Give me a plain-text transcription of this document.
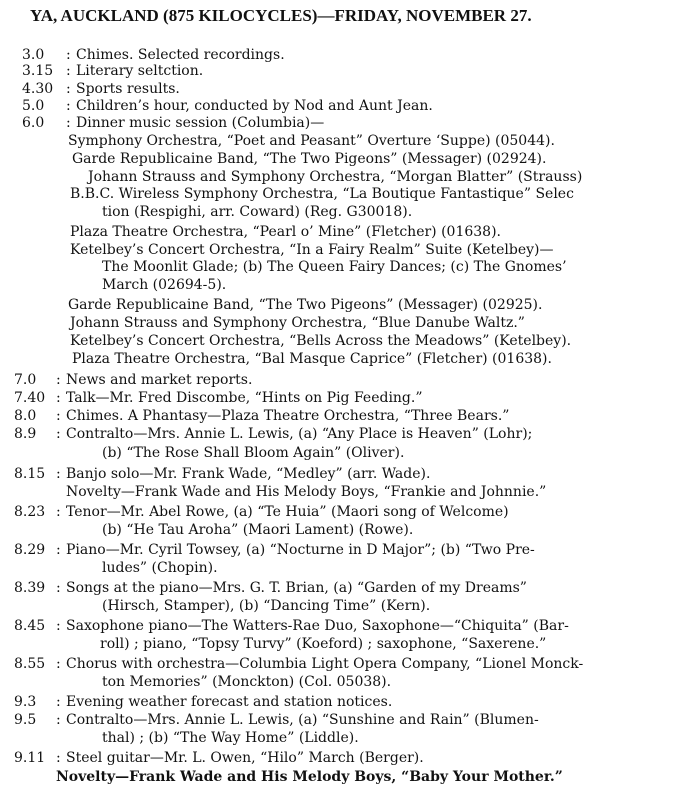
YA, AUCKLAND (875 KILOCYCLES)—FRIDAY, NOVEMBER 27.
3.0 : Chimes. Selected recordings.
3.15 : Literary seltction.
4.30 : Sports results.
5.0 : Children’s hour, conducted by Nod and Aunt Jean.
6.0 : Dinner music session (Columbia)—
Symphony Orchestra, “Poet and Peasant” Overture ‘Suppe) (05044).
Garde Republicaine Band, “The Two Pigeons” (Messager) (02924).
Johann Strauss and Symphony Orchestra, “Morgan Blatter” (Strauss)
B.B.C. Wireless Symphony Orchestra, “La Boutique Fantastique” Selec
tion (Respighi, arr. Coward) (Reg. G30018).
Plaza Theatre Orchestra, “Pearl o’ Mine” (Fletcher) (01638).
Ketelbey’s Concert Orchestra, “In a Fairy Realm” Suite (Ketelbey)—
The Moonlit Glade; (b) The Queen Fairy Dances; (c) The Gnomes’
March (02694-5).
Garde Republicaine Band, “The Two Pigeons” (Messager) (02925).
Johann Strauss and Symphony Orchestra, “Blue Danube Waltz.”
Ketelbey’s Concert Orchestra, “Bells Across the Meadows” (Ketelbey).
Plaza Theatre Orchestra, “Bal Masque Caprice” (Fletcher) (01638).
7.0 : News and market reports.
7.40 : Talk—Mr. Fred Discombe, “Hints on Pig Feeding.”
8.0 : Chimes. A Phantasy—Plaza Theatre Orchestra, “Three Bears.”
8.9 : Contralto—Mrs. Annie L. Lewis, (a) “Any Place is Heaven” (Lohr);
(b) “The Rose Shall Bloom Again” (Oliver).
8.15 : Banjo solo—Mr. Frank Wade, “Medley” (arr. Wade).
Novelty—Frank Wade and His Melody Boys, “Frankie and Johnnie.”
8.23 : Tenor—Mr. Abel Rowe, (a) “Te Huia” (Maori song of Welcome)
(b) “He Tau Aroha” (Maori Lament) (Rowe).
8.29 : Piano—Mr. Cyril Towsey, (a) “Nocturne in D Major”; (b) “Two Pre-
ludes” (Chopin).
8.39 : Songs at the piano—Mrs. G. T. Brian, (a) “Garden of my Dreams”
(Hirsch, Stamper), (b) “Dancing Time” (Kern).
8.45 : Saxophone piano—The Watters-Rae Duo, Saxophone—“Chiquita” (Bar-
roll) ; piano, “Topsy Turvy” (Koeford) ; saxophone, “Saxerene.”
8.55 : Chorus with orchestra—Columbia Light Opera Company, “Lionel Monck-
ton Memories” (Monckton) (Col. 05038).
9.3 : Evening weather forecast and station notices.
9.5 : Contralto—Mrs. Annie L. Lewis, (a) “Sunshine and Rain” (Blumen-
thal) ; (b) “The Way Home” (Liddle).
9.11 : Steel guitar—Mr. L. Owen, “Hilo” March (Berger).
Novelty—Frank Wade and His Melody Boys, “Baby Your Mother.”
